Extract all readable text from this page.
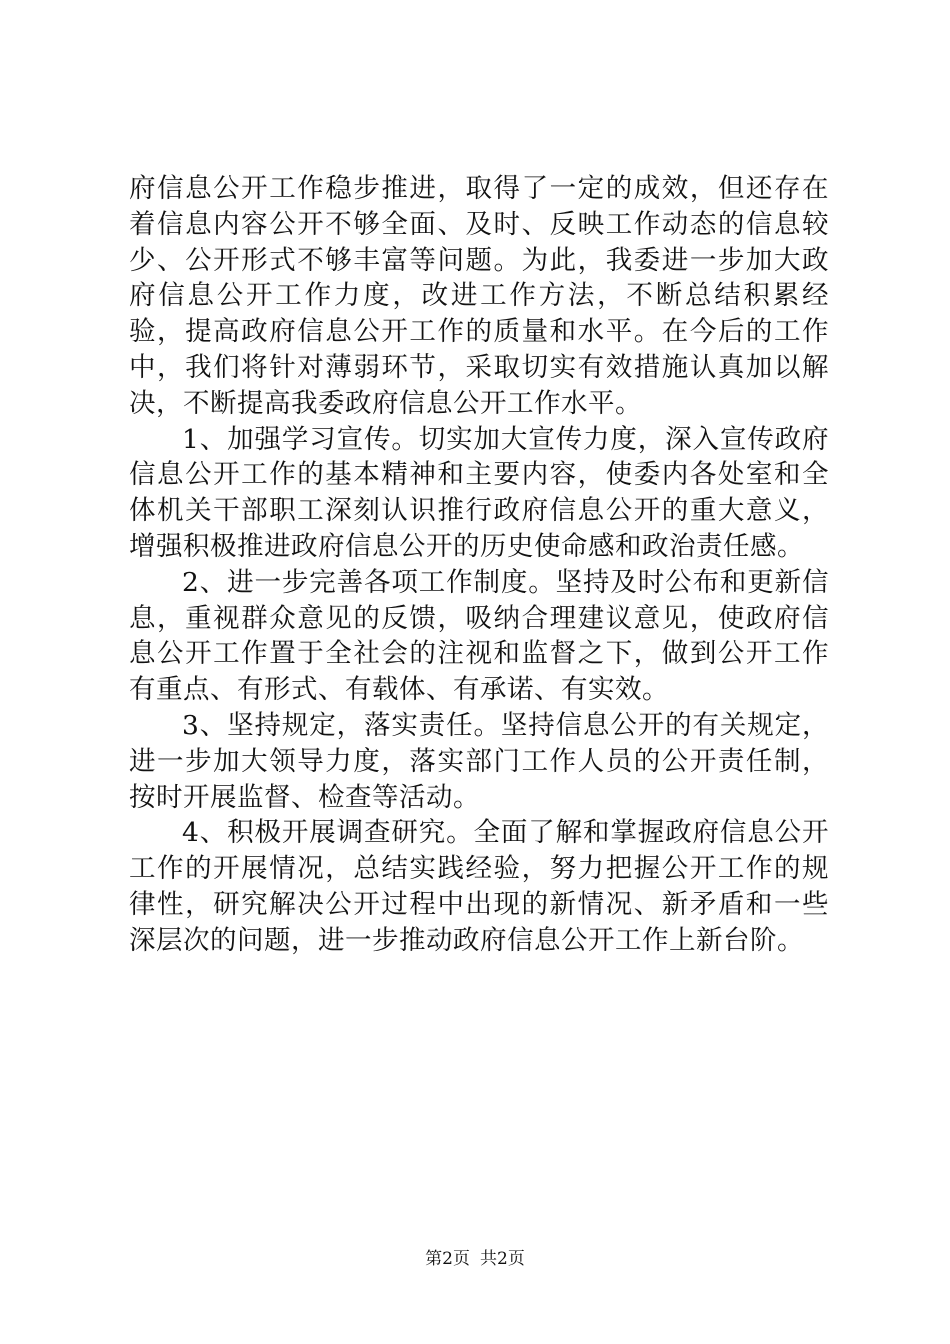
府信息公开工作稳步推进，取得了一定的成效，但还存在着信息内容公开不够全面、及时、反映工作动态的信息较少、公开形式不够丰富等问题。为此，我委进一步加大政府信息公开工作力度，改进工作方法，不断总结积累经验，提高政府信息公开工作的质量和水平。在今后的工作中，我们将针对薄弱环节，采取切实有效措施认真加以解决，不断提高我委政府信息公开工作水平。

1、加强学习宣传。切实加大宣传力度，深入宣传政府信息公开工作的基本精神和主要内容，使委内各处室和全体机关干部职工深刻认识推行政府信息公开的重大意义，增强积极推进政府信息公开的历史使命感和政治责任感。

2、进一步完善各项工作制度。坚持及时公布和更新信息，重视群众意见的反馈，吸纳合理建议意见，使政府信息公开工作置于全社会的注视和监督之下，做到公开工作有重点、有形式、有载体、有承诺、有实效。

3、坚持规定，落实责任。坚持信息公开的有关规定，进一步加大领导力度，落实部门工作人员的公开责任制，按时开展监督、检查等活动。

4、积极开展调查研究。全面了解和掌握政府信息公开工作的开展情况，总结实践经验，努力把握公开工作的规律性，研究解决公开过程中出现的新情况、新矛盾和一些深层次的问题，进一步推动政府信息公开工作上新台阶。

第2页 共2页
